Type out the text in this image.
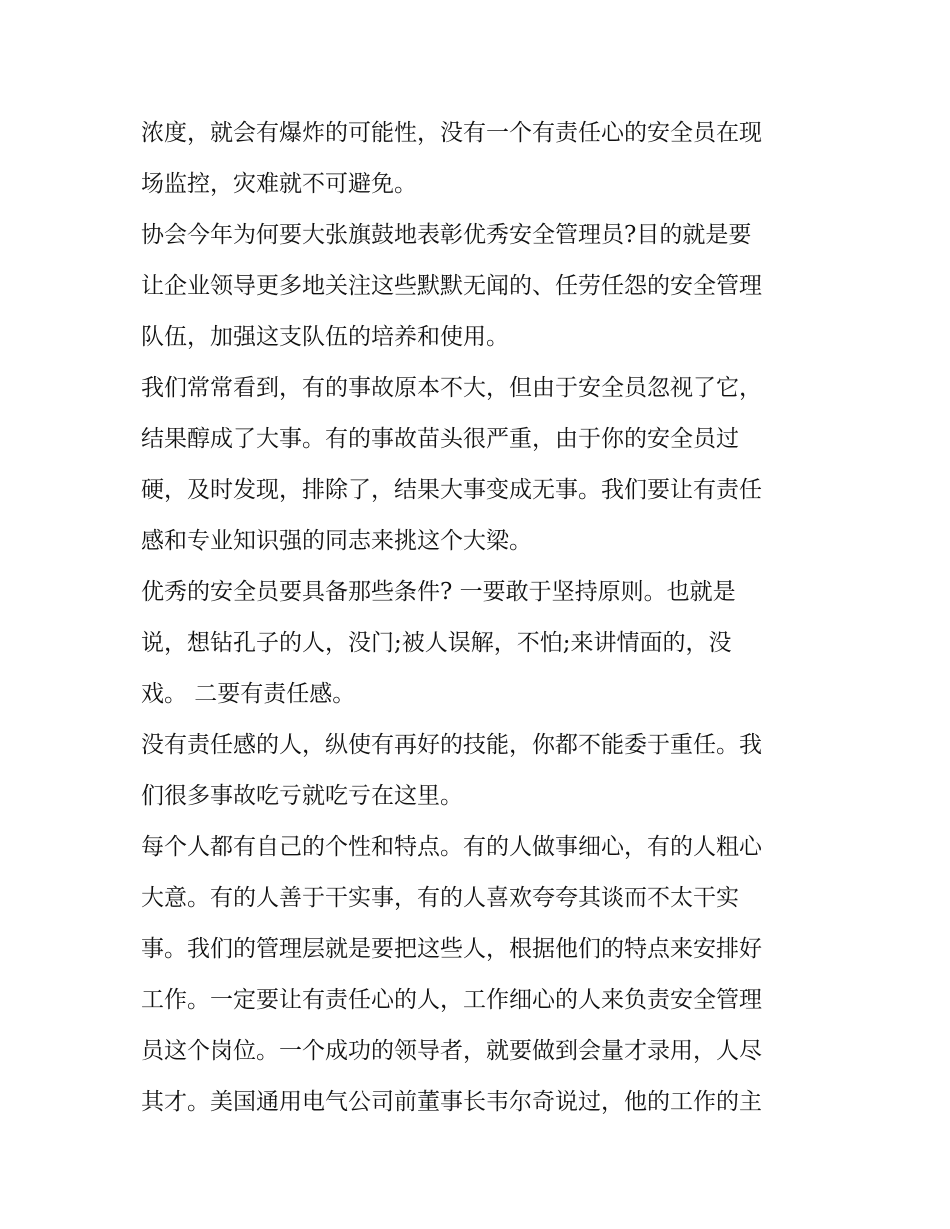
浓度，就会有爆炸的可能性，没有一个有责任心的安全员在现
场监控，灾难就不可避免。
协会今年为何要大张旗鼓地表彰优秀安全管理员?目的就是要
让企业领导更多地关注这些默默无闻的、任劳任怨的安全管理
队伍，加强这支队伍的培养和使用。
我们常常看到，有的事故原本不大，但由于安全员忽视了它，
结果醇成了大事。有的事故苗头很严重，由于你的安全员过
硬，及时发现，排除了，结果大事变成无事。我们要让有责任
感和专业知识强的同志来挑这个大梁。
优秀的安全员要具备那些条件? 一要敢于坚持原则。也就是
说，想钻孔子的人，没门;被人误解，不怕;来讲情面的，没
戏。 二要有责任感。
没有责任感的人，纵使有再好的技能，你都不能委于重任。我
们很多事故吃亏就吃亏在这里。
每个人都有自己的个性和特点。有的人做事细心，有的人粗心
大意。有的人善于干实事，有的人喜欢夸夸其谈而不太干实
事。我们的管理层就是要把这些人，根据他们的特点来安排好
工作。一定要让有责任心的人，工作细心的人来负责安全管理
员这个岗位。一个成功的领导者，就要做到会量才录用，人尽
其才。美国通用电气公司前董事长韦尔奇说过，他的工作的主
